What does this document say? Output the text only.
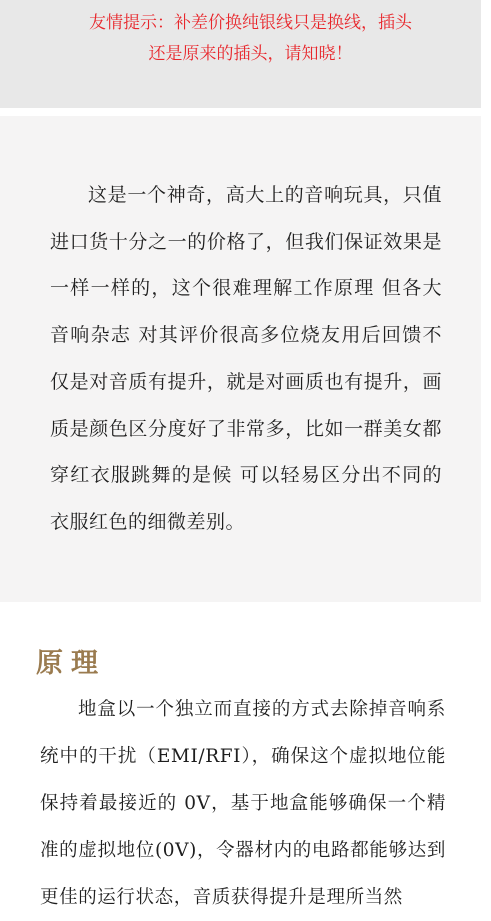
友情提示：补差价换纯银线只是换线，插头
还是原来的插头，请知晓！

这是一个神奇，高大上的音响玩具，只值进口货十分之一的价格了，但我们保证效果是一样一样的，这个很难理解工作原理 但各大音响杂志 对其评价很高多位烧友用后回馈不仅是对音质有提升，就是对画质也有提升，画质是颜色区分度好了非常多，比如一群美女都穿红衣服跳舞的是候 可以轻易区分出不同的衣服红色的细微差别。

原理

地盒以一个独立而直接的方式去除掉音响系统中的干扰（EMI/RFI），确保这个虚拟地位能保持着最接近的 0V，基于地盒能够确保一个精准的虚拟地位(0V)，令器材内的电路都能够达到更佳的运行状态，音质获得提升是理所当然
